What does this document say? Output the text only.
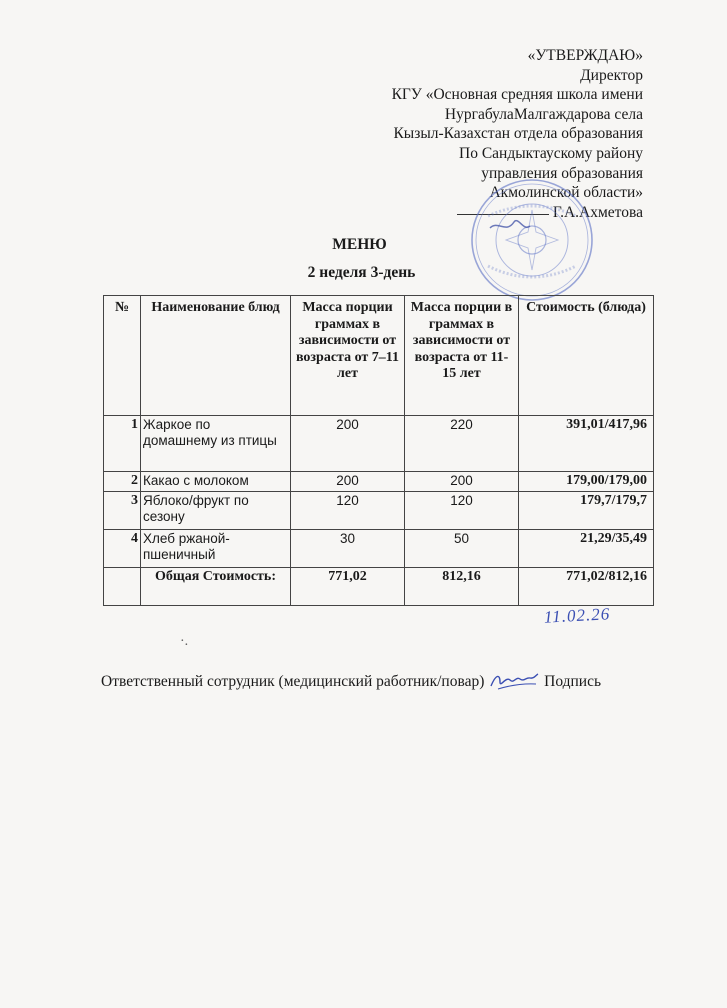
«УТВЕРЖДАЮ»
Директор
КГУ «Основная средняя школа имени
НургабулаМалгаждарова села
Кызыл-Казахстан отдела образования
По Сандыктаускому району
управления образования
Акмолинской области»
Г.А.Ахметова
МЕНЮ
2 неделя 3-день
№	Наименование блюд	Масса порции граммах в зависимости от возраста от 7–11 лет	Масса порции в граммах в зависимости от возраста от 11-15 лет	Стоимость (блюда)
1	Жаркое по домашнему из птицы	200	220	391,01/417,96
2	Какао с молоком	200	200	179,00/179,00
3	Яблоко/фрукт по сезону	120	120	179,7/179,7
4	Хлеб ржаной-пшеничный	30	50	21,29/35,49
	Общая Стоимость:	771,02	812,16	771,02/812,16
11.02.26
·.
Ответственный сотрудник (медицинский работник/повар)	Подпись
